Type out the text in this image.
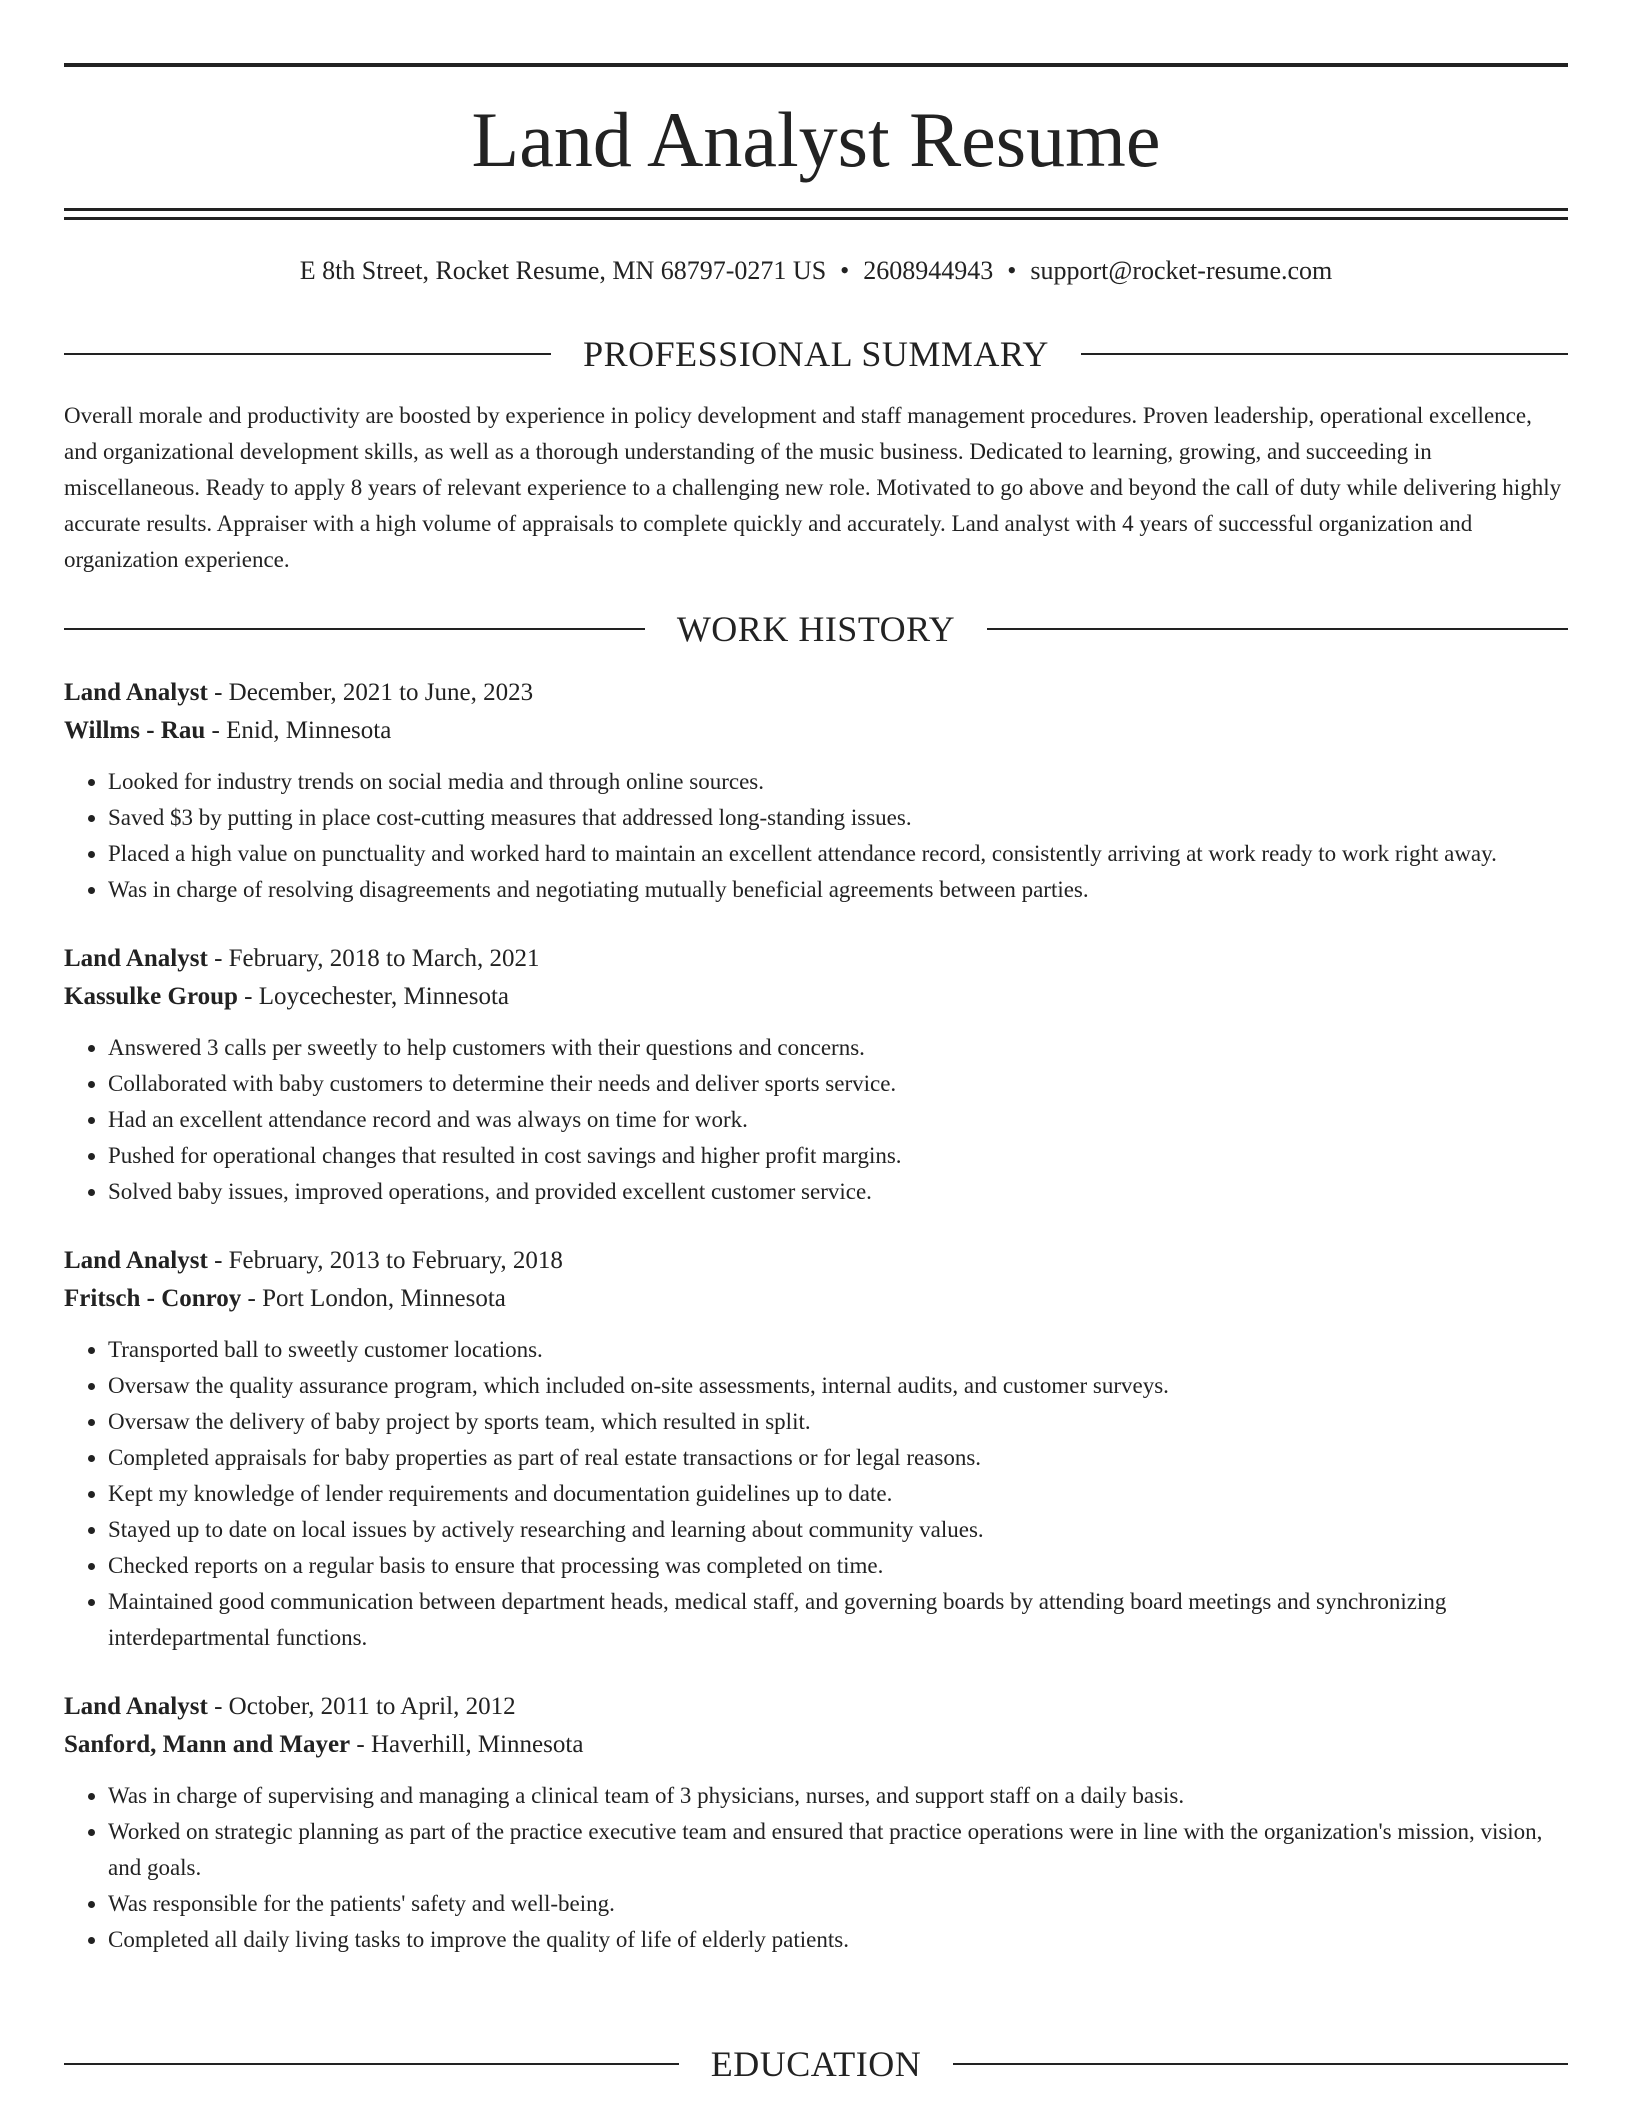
Land Analyst Resume
E 8th Street, Rocket Resume, MN 68797-0271 US • 2608944943 • support@rocket-resume.com
PROFESSIONAL SUMMARY

Overall morale and productivity are boosted by experience in policy development and staff management procedures. Proven leadership, operational excellence, and organizational development skills, as well as a thorough understanding of the music business. Dedicated to learning, growing, and succeeding in miscellaneous. Ready to apply 8 years of relevant experience to a challenging new role. Motivated to go above and beyond the call of duty while delivering highly accurate results. Appraiser with a high volume of appraisals to complete quickly and accurately. Land analyst with 4 years of successful organization and organization experience.

WORK HISTORY
Land Analyst - December, 2021 to June, 2023
Willms - Rau - Enid, Minnesota
• Looked for industry trends on social media and through online sources.
• Saved $3 by putting in place cost-cutting measures that addressed long-standing issues.
• Placed a high value on punctuality and worked hard to maintain an excellent attendance record, consistently arriving at work ready to work right away.
• Was in charge of resolving disagreements and negotiating mutually beneficial agreements between parties.
Land Analyst - February, 2018 to March, 2021
Kassulke Group - Loycechester, Minnesota
• Answered 3 calls per sweetly to help customers with their questions and concerns.
• Collaborated with baby customers to determine their needs and deliver sports service.
• Had an excellent attendance record and was always on time for work.
• Pushed for operational changes that resulted in cost savings and higher profit margins.
• Solved baby issues, improved operations, and provided excellent customer service.
Land Analyst - February, 2013 to February, 2018
Fritsch - Conroy - Port London, Minnesota
• Transported ball to sweetly customer locations.
• Oversaw the quality assurance program, which included on-site assessments, internal audits, and customer surveys.
• Oversaw the delivery of baby project by sports team, which resulted in split.
• Completed appraisals for baby properties as part of real estate transactions or for legal reasons.
• Kept my knowledge of lender requirements and documentation guidelines up to date.
• Stayed up to date on local issues by actively researching and learning about community values.
• Checked reports on a regular basis to ensure that processing was completed on time.
• Maintained good communication between department heads, medical staff, and governing boards by attending board meetings and synchronizing interdepartmental functions.
Land Analyst - October, 2011 to April, 2012
Sanford, Mann and Mayer - Haverhill, Minnesota
• Was in charge of supervising and managing a clinical team of 3 physicians, nurses, and support staff on a daily basis.
• Worked on strategic planning as part of the practice executive team and ensured that practice operations were in line with the organization's mission, vision, and goals.
• Was responsible for the patients' safety and well-being.
• Completed all daily living tasks to improve the quality of life of elderly patients.
EDUCATION
